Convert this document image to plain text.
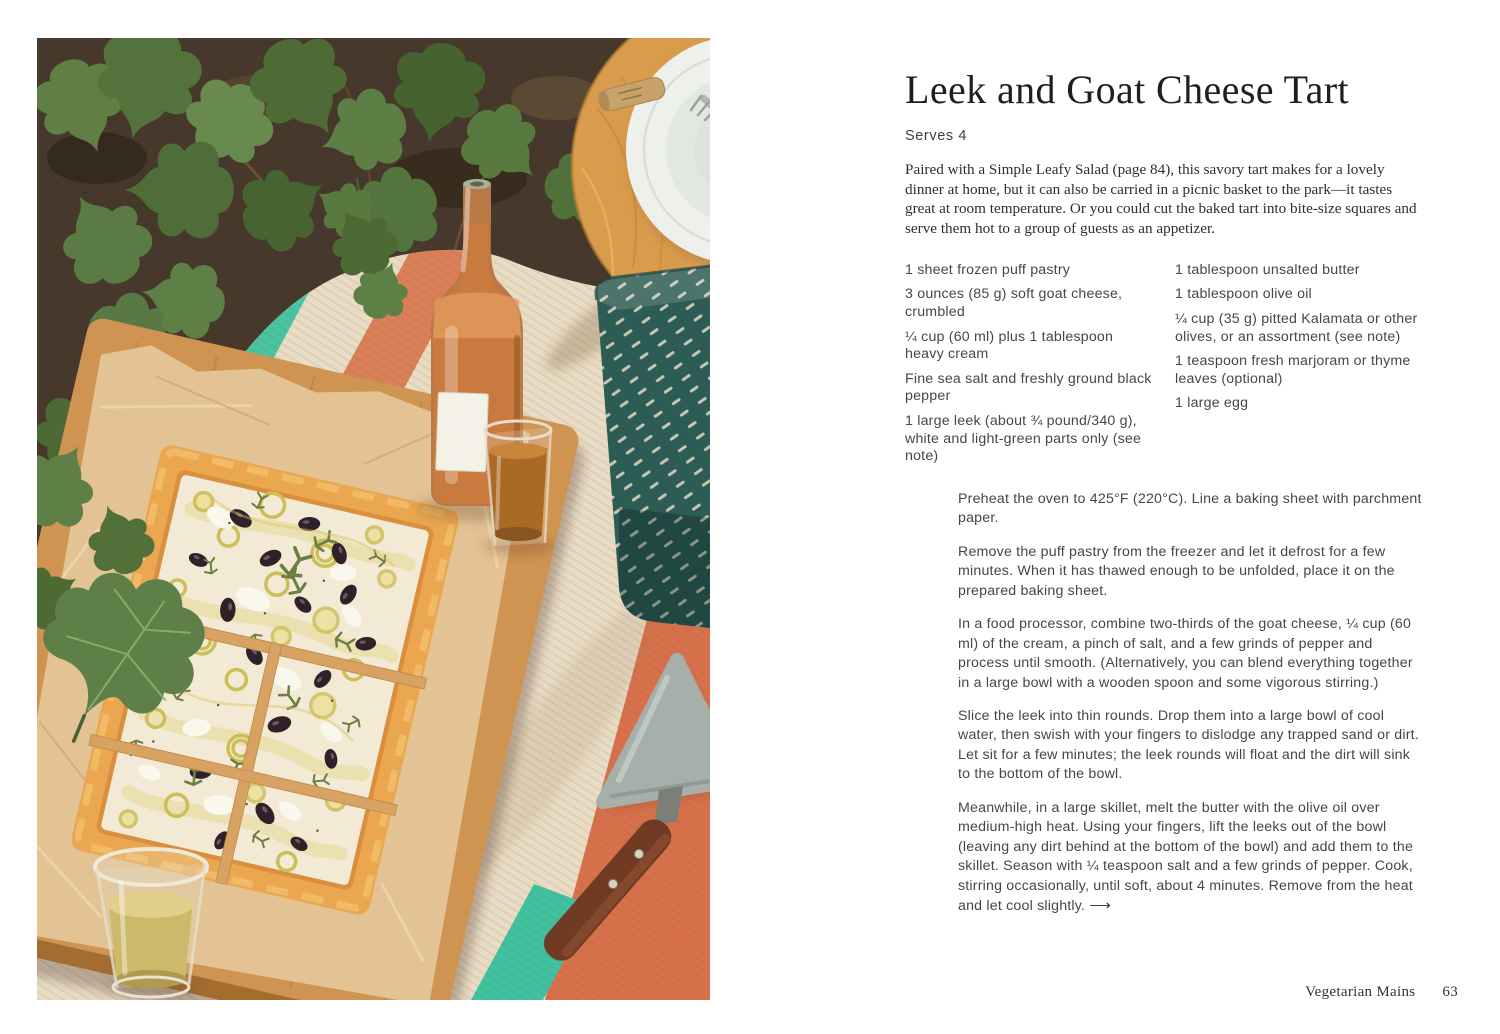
Leek and Goat Cheese Tart
Serves 4

Paired with a Simple Leafy Salad (page 84), this savory tart makes for a lovely dinner at home, but it can also be carried in a picnic basket to the park—it tastes great at room temperature. Or you could cut the baked tart into bite-size squares and serve them hot to a group of guests as an appetizer.

1 sheet frozen puff pastry

3 ounces (85 g) soft goat cheese, crumbled

¼ cup (60 ml) plus 1 tablespoon heavy cream

Fine sea salt and freshly ground black pepper

1 large leek (about ¾ pound/340 g), white and light-green parts only (see note)

1 tablespoon unsalted butter

1 tablespoon olive oil

¼ cup (35 g) pitted Kalamata or other olives, or an assortment (see note)

1 teaspoon fresh marjoram or thyme leaves (optional)

1 large egg

Preheat the oven to 425°F (220°C). Line a baking sheet with parchment paper.

Remove the puff pastry from the freezer and let it defrost for a few minutes. When it has thawed enough to be unfolded, place it on the prepared baking sheet.

In a food processor, combine two-thirds of the goat cheese, ¼ cup (60 ml) of the cream, a pinch of salt, and a few grinds of pepper and process until smooth. (Alternatively, you can blend everything together in a large bowl with a wooden spoon and some vigorous stirring.)

Slice the leek into thin rounds. Drop them into a large bowl of cool water, then swish with your fingers to dislodge any trapped sand or dirt. Let sit for a few minutes; the leek rounds will float and the dirt will sink to the bottom of the bowl.

Meanwhile, in a large skillet, melt the butter with the olive oil over medium-high heat. Using your fingers, lift the leeks out of the bowl (leaving any dirt behind at the bottom of the bowl) and add them to the skillet. Season with ¼ teaspoon salt and a few grinds of pepper. Cook, stirring occasionally, until soft, about 4 minutes. Remove from the heat and let cool slightly. ⟶

Vegetarian Mains 63
